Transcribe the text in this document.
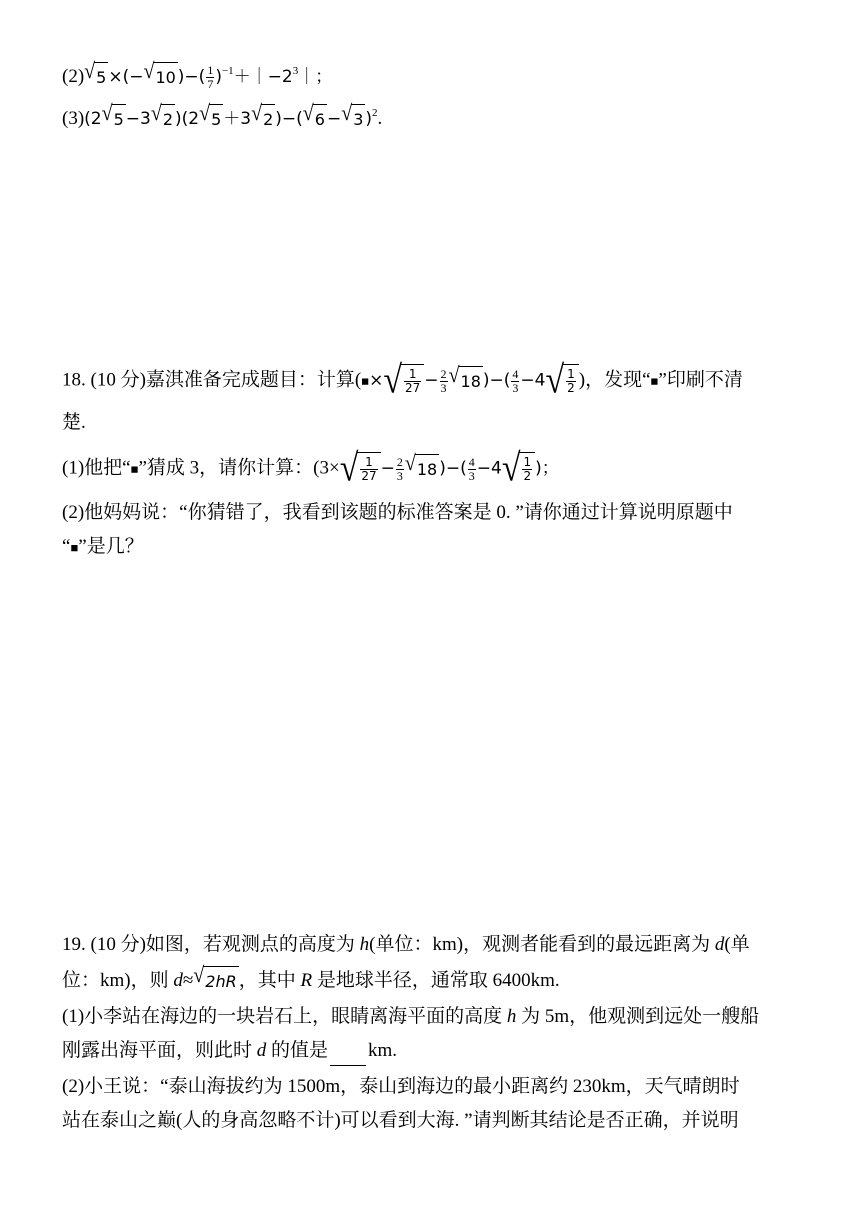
(2) √ 5 ×(− √ 10 )−( $\frac{1}{7}$ )$^{-1}+|-2^3|$；
(3)(2 √ 5 −3 √ 2 )(2 √ 5 ＋3 √ 2 )−( √ 6 − √ 3 )$^2$.
18. (10 分)嘉淇准备完成题目：计算(■× √ $\frac{1}{27} - \frac{2}{3}$ √ 18 )−( $\frac{4}{3} -4$ √ $\frac{1}{2}$ )，发现“■”印刷不清
楚.
(1)他把“■”猜成 3，请你计算：(3× √ $\frac{1}{27} - \frac{2}{3}$ √ 18 )−( $\frac{4}{3} -4$ √ $\frac{1}{2}$ )；
(2)他妈妈说：“你猜错了，我看到该题的标准答案是 0. ”请你通过计算说明原题中
“■”是几？
19. (10 分)如图，若观测点的高度为 h(单位：km)，观测者能看到的最远距离为 d(单
位：km)，则 d≈ √ 2hR ，其中 R 是地球半径，通常取 6400km.
(1)小李站在海边的一块岩石上，眼睛离海平面的高度 h 为 5m，他观测到远处一艘船
刚露出海平面，则此时 d 的值是 km.
(2)小王说：“泰山海拔约为 1500m，泰山到海边的最小距离约 230km，天气晴朗时
站在泰山之巅(人的身高忽略不计)可以看到大海. ”请判断其结论是否正确，并说明
